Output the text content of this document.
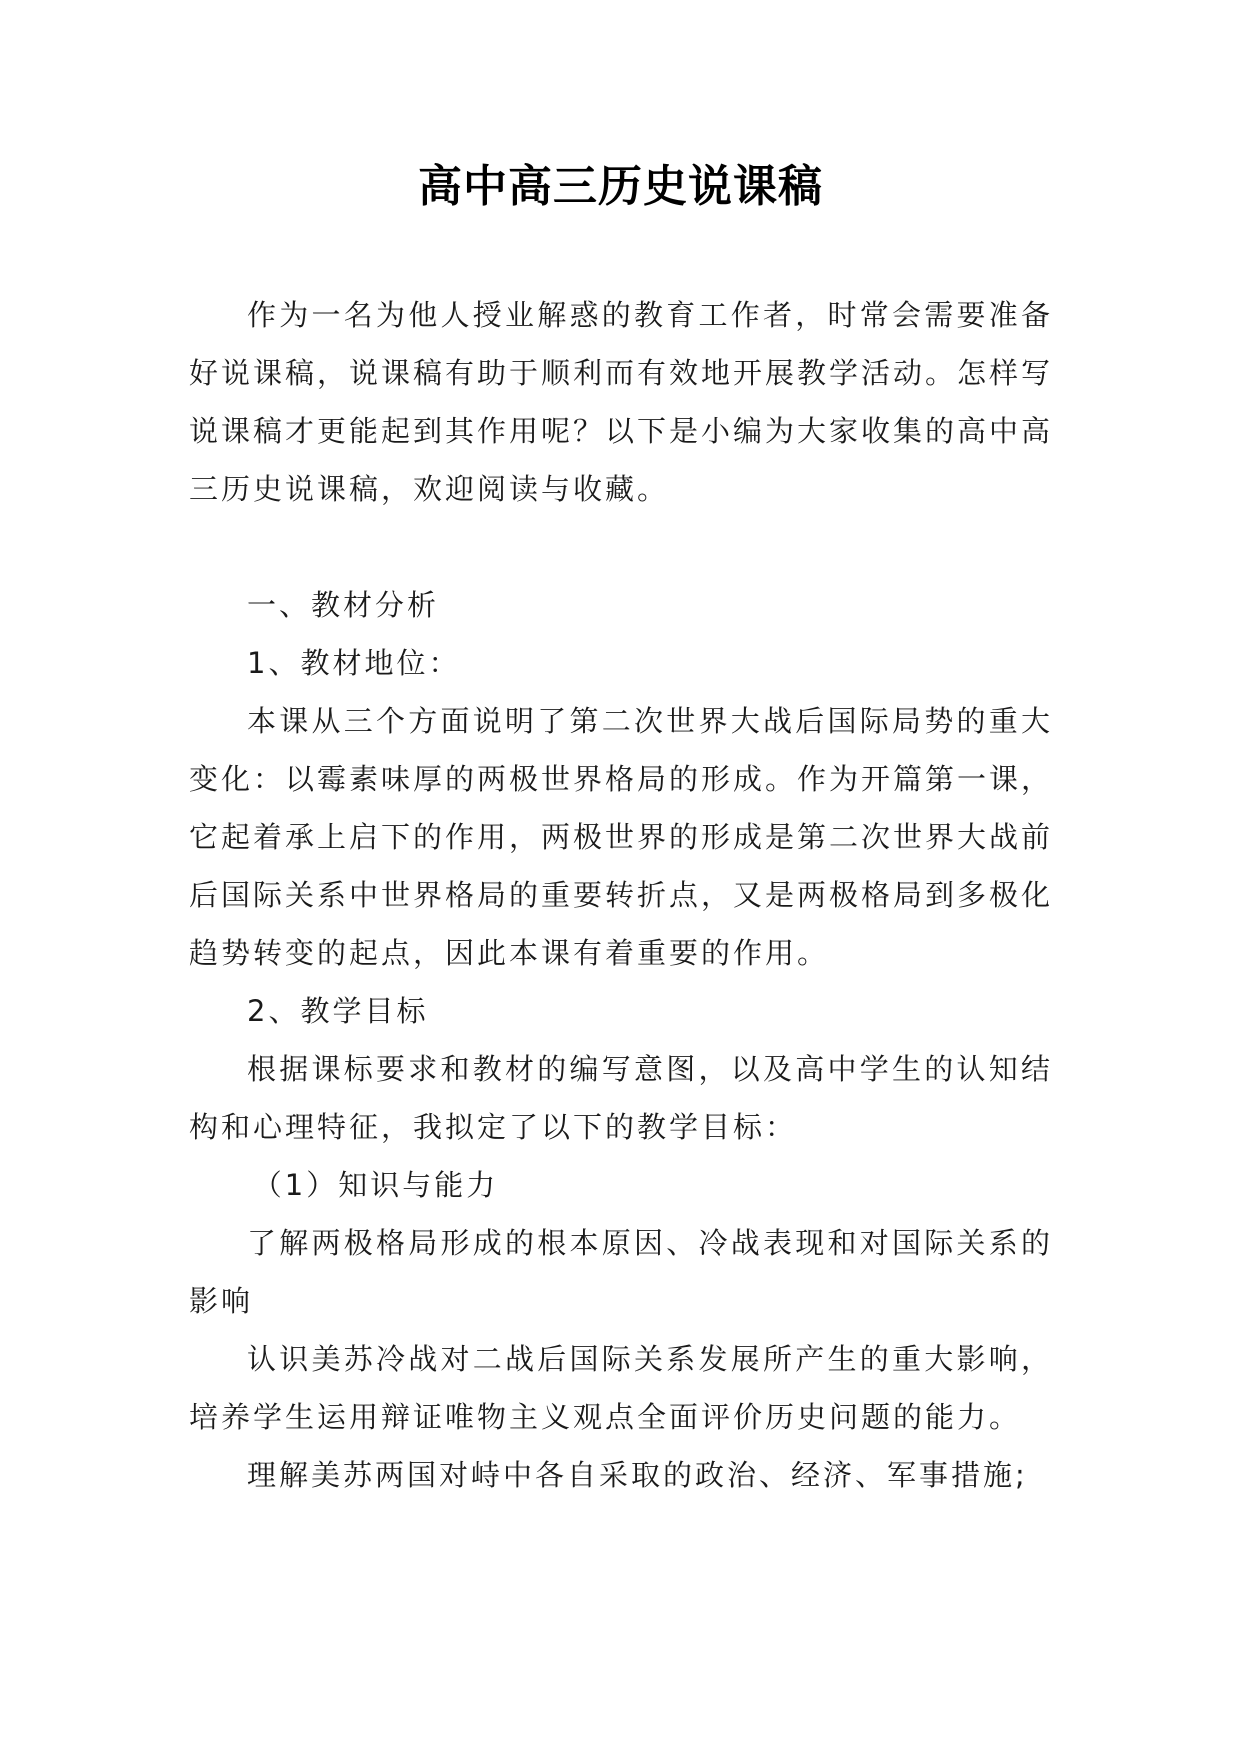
高中高三历史说课稿

作为一名为他人授业解惑的教育工作者，时常会需要准备好说课稿，说课稿有助于顺利而有效地开展教学活动。怎样写说课稿才更能起到其作用呢？以下是小编为大家收集的高中高三历史说课稿，欢迎阅读与收藏。

一、教材分析

1、教材地位：

本课从三个方面说明了第二次世界大战后国际局势的重大变化：以霉素味厚的两极世界格局的形成。作为开篇第一课，它起着承上启下的作用，两极世界的形成是第二次世界大战前后国际关系中世界格局的重要转折点，又是两极格局到多极化趋势转变的起点，因此本课有着重要的作用。

2、教学目标

根据课标要求和教材的编写意图，以及高中学生的认知结构和心理特征，我拟定了以下的教学目标：

（1）知识与能力

了解两极格局形成的根本原因、冷战表现和对国际关系的影响

认识美苏冷战对二战后国际关系发展所产生的重大影响，培养学生运用辩证唯物主义观点全面评价历史问题的能力。

理解美苏两国对峙中各自采取的政治、经济、军事措施;
